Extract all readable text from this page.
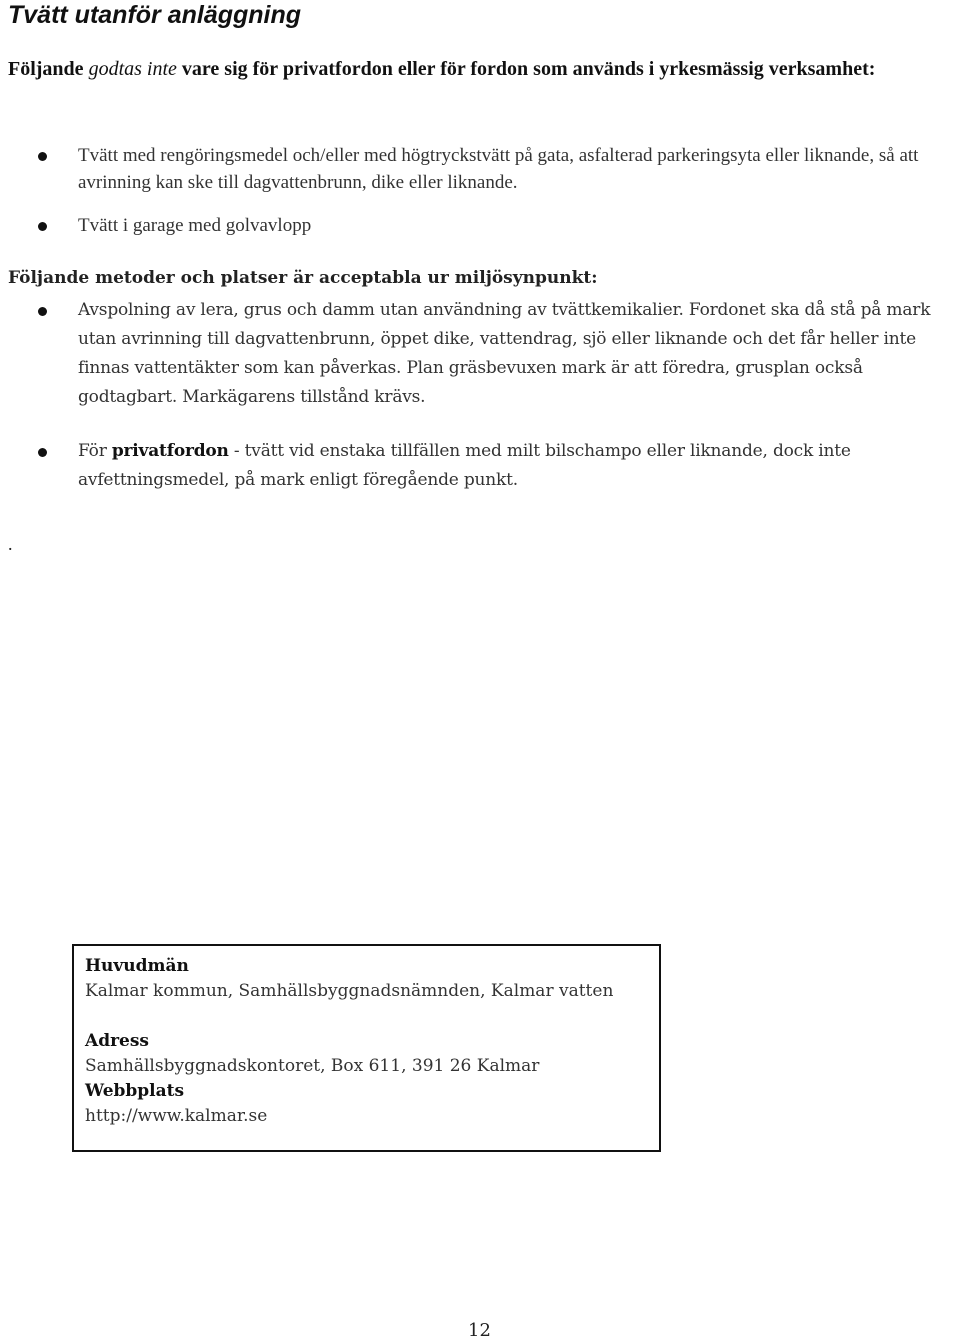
Tvätt utanför anläggning

Följande godtas inte vare sig för privatfordon eller för fordon som används i yrkesmässig verksamhet:

Tvätt med rengöringsmedel och/eller med högtryckstvätt på gata, asfalterad parkeringsyta eller liknande, så att avrinning kan ske till dagvattenbrunn, dike eller liknande.
Tvätt i garage med golvavlopp
Följande metoder och platser är acceptabla ur miljösynpunkt:
Avspolning av lera, grus och damm utan användning av tvättkemikalier. Fordonet ska då stå på mark utan avrinning till dagvattenbrunn, öppet dike, vattendrag, sjö eller liknande och det får heller inte finnas vattentäkter som kan påverkas. Plan gräsbevuxen mark är att föredra, grusplan också godtagbart. Markägarens tillstånd krävs.
För privatfordon - tvätt vid enstaka tillfällen med milt bilschampo eller liknande, dock inte avfettningsmedel, på mark enligt föregående punkt.
.
Huvudmän
Kalmar kommun, Samhällsbyggnadsnämnden, Kalmar vatten
Adress
Samhällsbyggnadskontoret, Box 611, 391 26 Kalmar
Webbplats
http://www.kalmar.se
12
